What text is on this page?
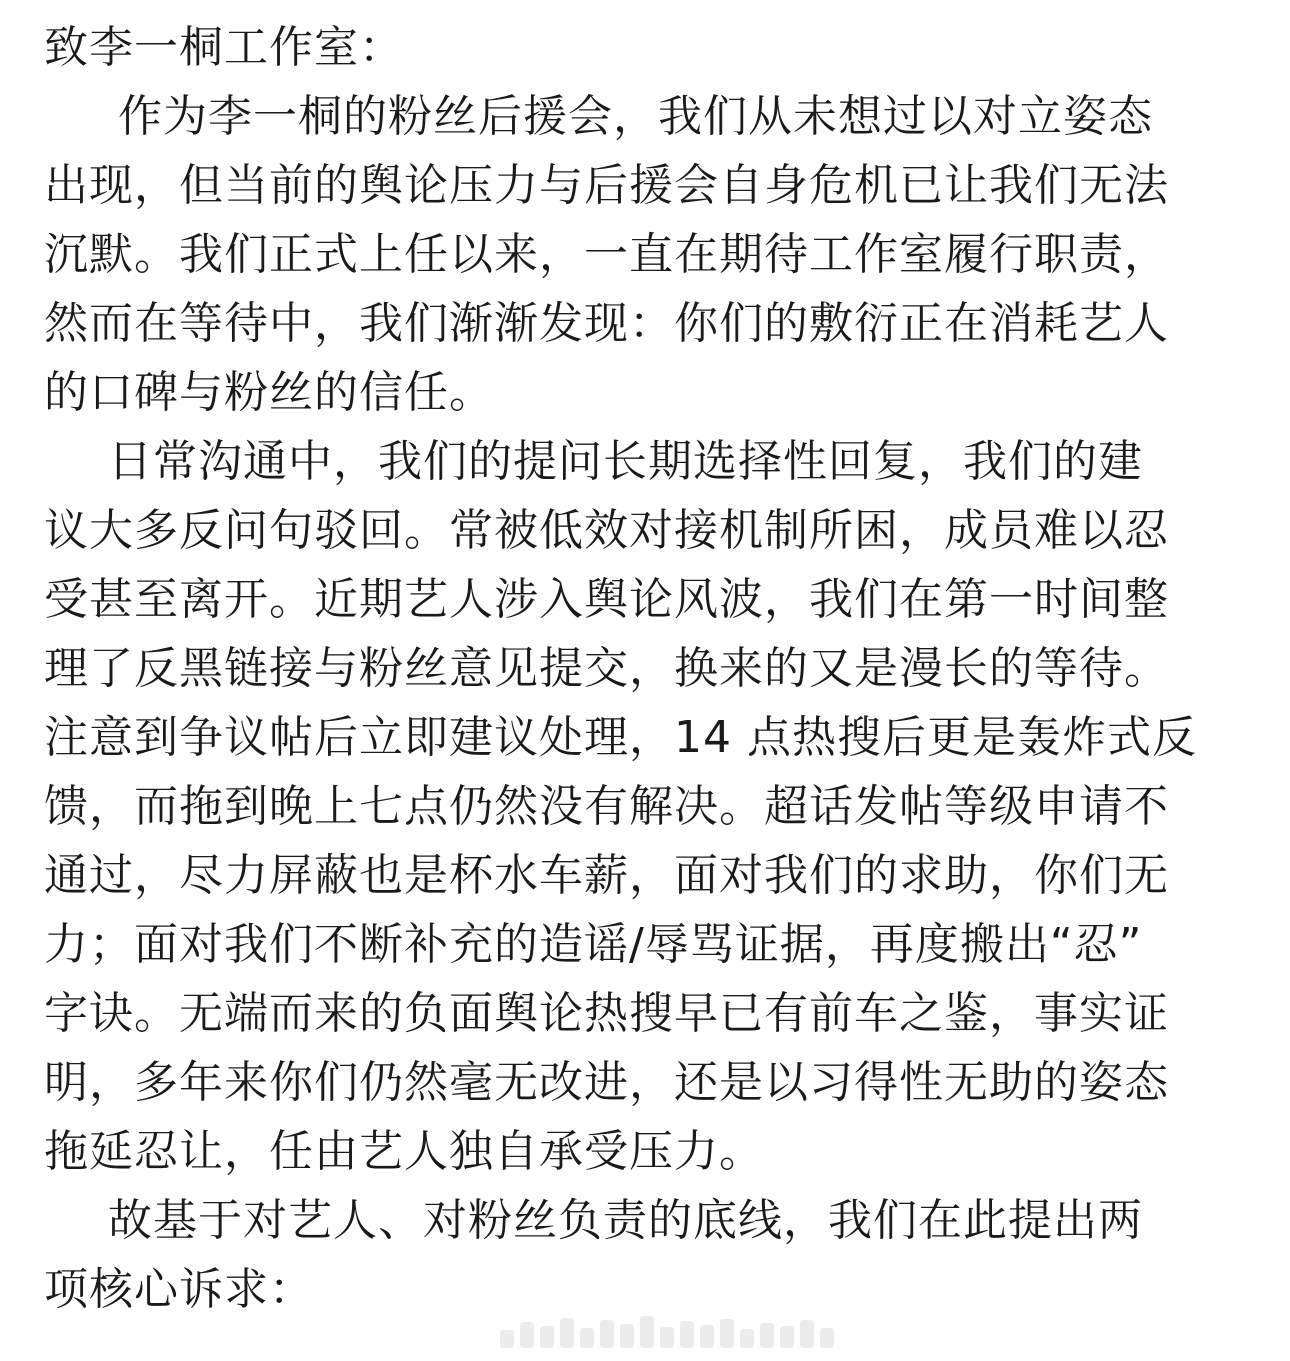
致李一桐工作室：
作为李一桐的粉丝后援会，我们从未想过以对立姿态
出现，但当前的舆论压力与后援会自身危机已让我们无法
沉默。我们正式上任以来，一直在期待工作室履行职责，
然而在等待中，我们渐渐发现：你们的敷衍正在消耗艺人
的口碑与粉丝的信任。
日常沟通中，我们的提问长期选择性回复，我们的建
议大多反问句驳回。常被低效对接机制所困，成员难以忍
受甚至离开。近期艺人涉入舆论风波，我们在第一时间整
理了反黑链接与粉丝意见提交，换来的又是漫长的等待。
注意到争议帖后立即建议处理，14 点热搜后更是轰炸式反
馈，而拖到晚上七点仍然没有解决。超话发帖等级申请不
通过，尽力屏蔽也是杯水车薪，面对我们的求助，你们无
力；面对我们不断补充的造谣/辱骂证据，再度搬出“忍”
字诀。无端而来的负面舆论热搜早已有前车之鉴，事实证
明，多年来你们仍然毫无改进，还是以习得性无助的姿态
拖延忍让，任由艺人独自承受压力。
故基于对艺人、对粉丝负责的底线，我们在此提出两
项核心诉求：
